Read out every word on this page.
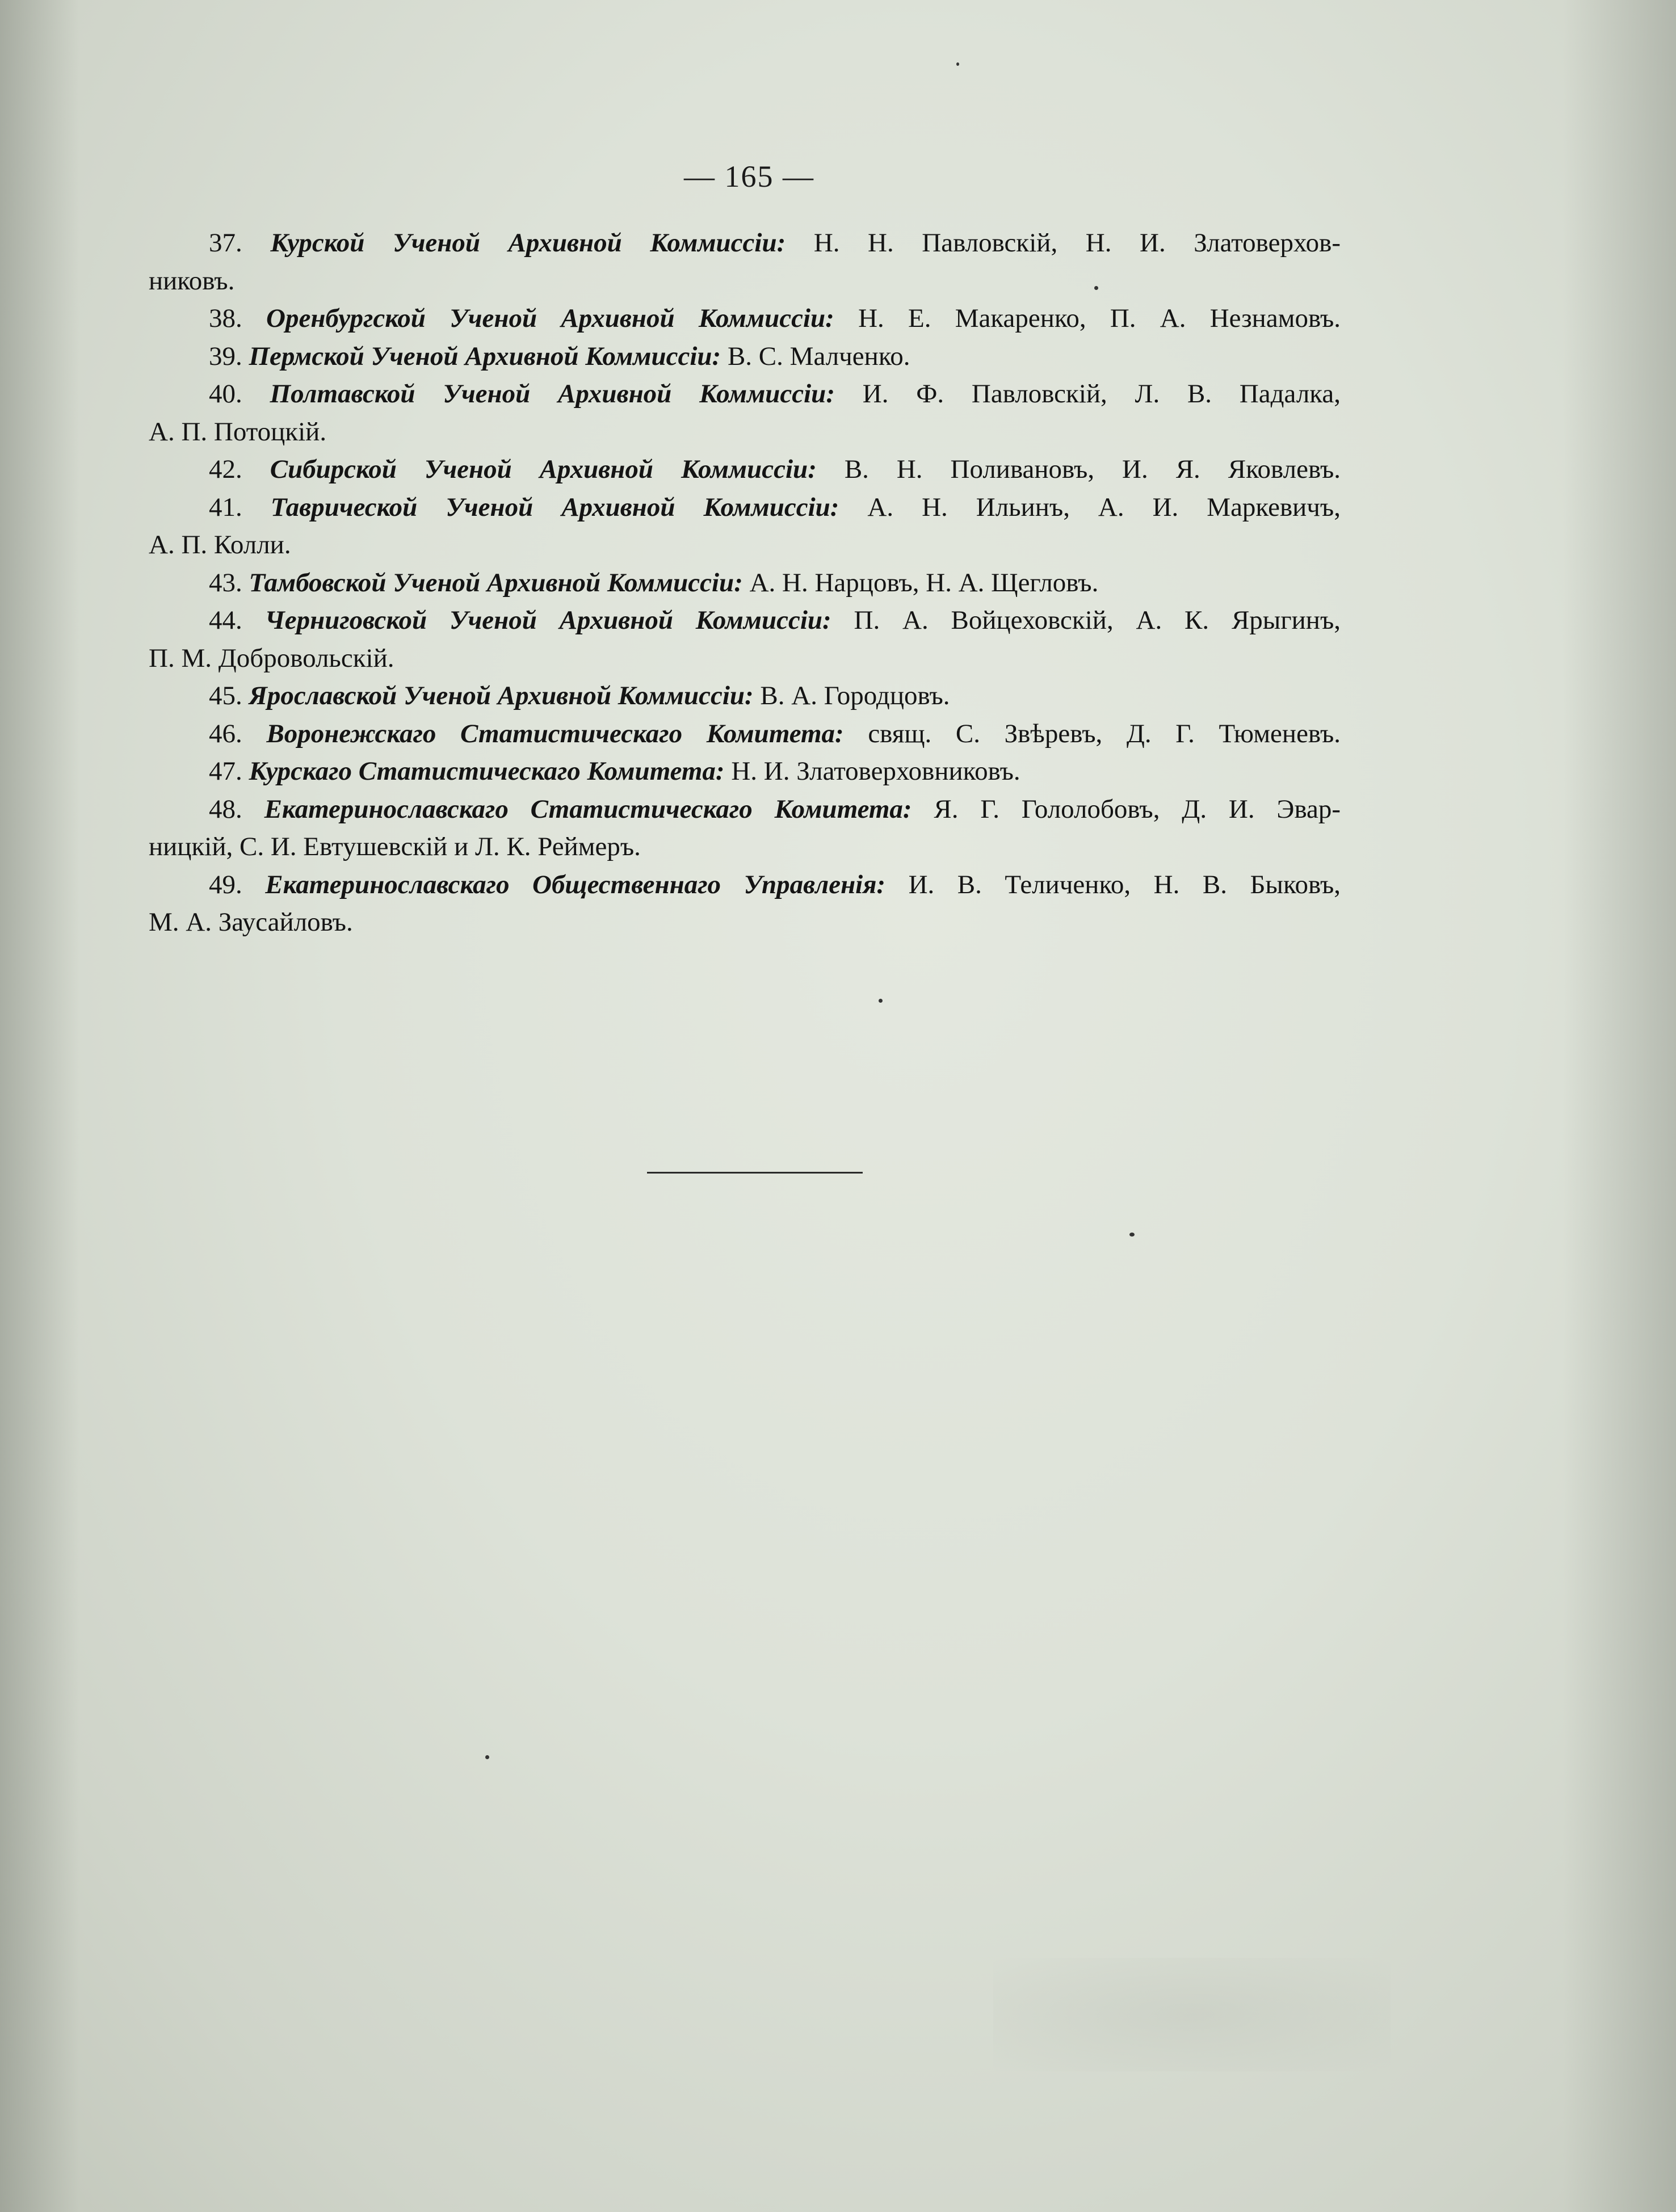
— 165 —

37. Курской Ученой Архивной Коммиссіи: Н. Н. Павловскій, Н. И. Златоверхов-

никовъ.

38. Оренбургской Ученой Архивной Коммиссіи: Н. Е. Макаренко, П. А. Незнамовъ.

39. Пермской Ученой Архивной Коммиссіи: В. С. Малченко.

40. Полтавской Ученой Архивной Коммиссіи: И. Ф. Павловскій, Л. В. Падалка,

А. П. Потоцкій.

42. Сибирской Ученой Архивной Коммиссіи: В. Н. Поливановъ, И. Я. Яковлевъ.

41. Таврической Ученой Архивной Коммиссіи: А. Н. Ильинъ, А. И. Маркевичъ,

А. П. Колли.

43. Тамбовской Ученой Архивной Коммиссіи: А. Н. Нарцовъ, Н. А. Щегловъ.

44. Черниговской Ученой Архивной Коммиссіи: П. А. Войцеховскій, А. К. Ярыгинъ,

П. М. Добровольскій.

45. Ярославской Ученой Архивной Коммиссіи: В. А. Городцовъ.

46. Воронежскаго Статистическаго Комитета: свящ. С. Звѣревъ, Д. Г. Тюменевъ.

47. Курскаго Статистическаго Комитета: Н. И. Златоверховниковъ.

48. Екатеринославскаго Статистическаго Комитета: Я. Г. Гололобовъ, Д. И. Эвар-

ницкій, С. И. Евтушевскій и Л. К. Реймеръ.

49. Екатеринославскаго Общественнаго Управленія: И. В. Теличенко, Н. В. Быковъ,

М. А. Заусайловъ.
